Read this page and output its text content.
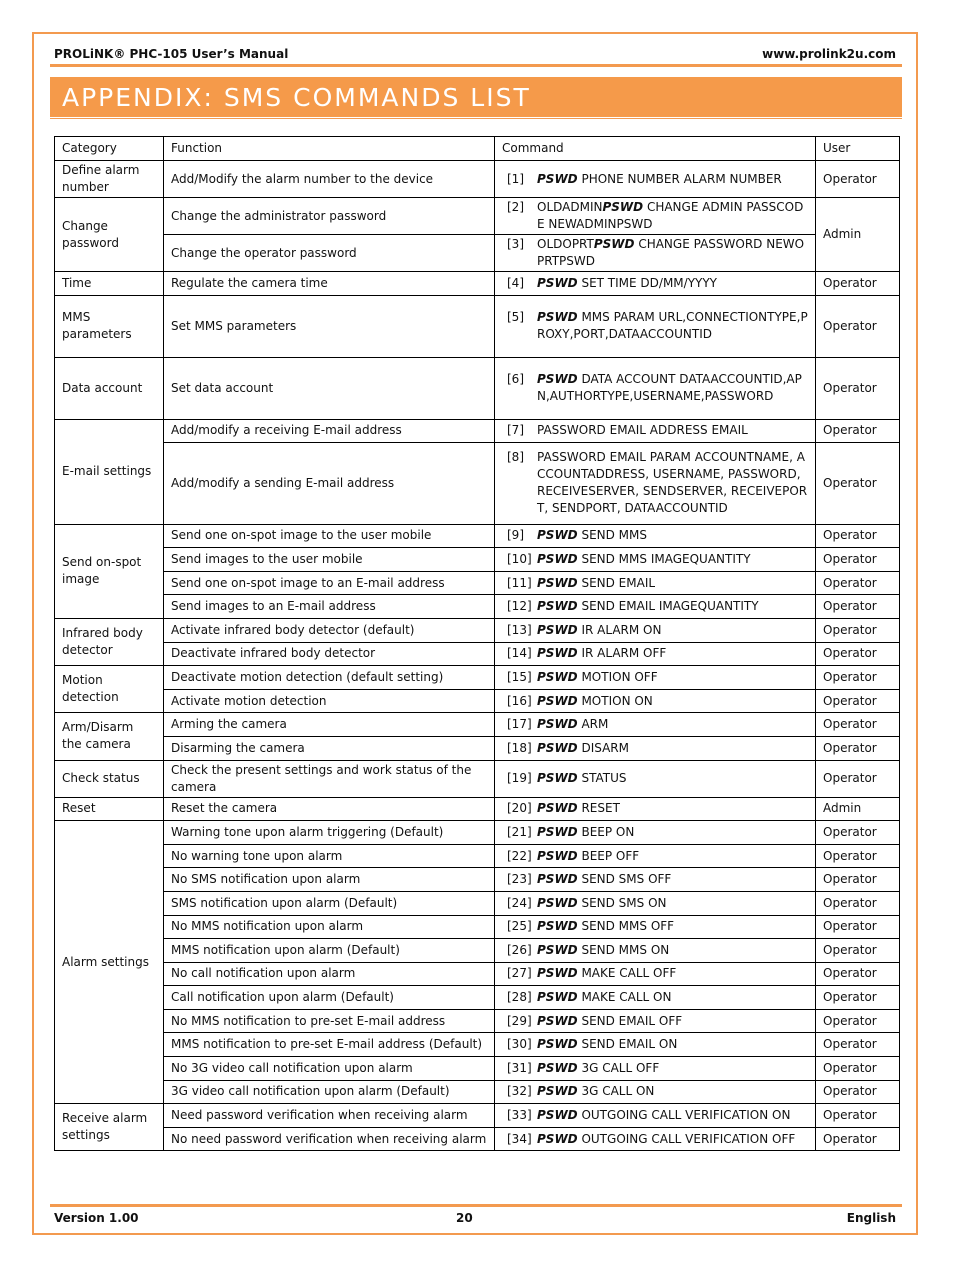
PROLiNK® PHC-105 User’s Manual	www.prolink2u.com
APPENDIX: SMS COMMANDS LIST
Category	Function	Command	User
Define alarm number	Add/Modify the alarm number to the device	[1] PSWD PHONE NUMBER ALARM NUMBER	Operator
Change password	Change the administrator password	[2] OLDADMINPSWD CHANGE ADMIN PASSCODE NEWADMINPSWD	Admin
	Change the operator password	[3] OLDOPRTPSWD CHANGE PASSWORD NEWOPRTPSWD	

Time	Regulate the camera time	[4] PSWD SET TIME DD/MM/YYYY	Operator
MMS parameters	Set MMS parameters	[5] PSWD MMS PARAM URL,CONNECTIONTYPE,PROXY,PORT,DATAACCOUNTID	Operator
Data account	Set data account	[6] PSWD DATA ACCOUNT DATAACCOUNTID,APN,AUTHORTYPE,USERNAME,PASSWORD	Operator
E-mail settings	Add/modify a receiving E-mail address	[7] PASSWORD EMAIL ADDRESS EMAIL	Operator
	Add/modify a sending E-mail address	[8] PASSWORD EMAIL PARAM ACCOUNTNAME, ACCOUNTADDRESS, USERNAME, PASSWORD, RECEIVESERVER, SENDSERVER, RECEIVEPORT, SENDPORT, DATAACCOUNTID	Operator
Send on-spot image	Send one on-spot image to the user mobile	[9] PSWD SEND MMS	Operator
	Send images to the user mobile	[10] PSWD SEND MMS IMAGEQUANTITY	Operator
	Send one on-spot image to an E-mail address	[11] PSWD SEND EMAIL	Operator
	Send images to an E-mail address	[12] PSWD SEND EMAIL IMAGEQUANTITY	Operator
Infrared body detector	Activate infrared body detector (default)	[13] PSWD IR ALARM ON	Operator
	Deactivate infrared body detector	[14] PSWD IR ALARM OFF	Operator
Motion detection	Deactivate motion detection (default setting)	[15] PSWD MOTION OFF	Operator
	Activate motion detection	[16] PSWD MOTION ON	Operator
Arm/Disarm the camera	Arming the camera	[17] PSWD ARM	Operator
	Disarming the camera	[18] PSWD DISARM	Operator
Check status	Check the present settings and work status of the camera	[19] PSWD STATUS	Operator
Reset	Reset the camera	[20] PSWD RESET	Admin
Alarm settings	Warning tone upon alarm triggering (Default)	[21] PSWD BEEP ON	Operator
	No warning tone upon alarm	[22] PSWD BEEP OFF	Operator
	No SMS notification upon alarm	[23] PSWD SEND SMS OFF	Operator
	SMS notification upon alarm (Default)	[24] PSWD SEND SMS ON	Operator
	No MMS notification upon alarm	[25] PSWD SEND MMS OFF	Operator
	MMS notification upon alarm (Default)	[26] PSWD SEND MMS ON	Operator
	No call notification upon alarm	[27] PSWD MAKE CALL OFF	Operator
	Call notification upon alarm (Default)	[28] PSWD MAKE CALL ON	Operator
	No MMS notification to pre-set E-mail address	[29] PSWD SEND EMAIL OFF	Operator
	MMS notification to pre-set E-mail address (Default)	[30] PSWD SEND EMAIL ON	Operator
	No 3G video call notification upon alarm	[31] PSWD 3G CALL OFF	Operator
	3G video call notification upon alarm (Default)	[32] PSWD 3G CALL ON	Operator
Receive alarm settings	Need password verification when receiving alarm	[33] PSWD OUTGOING CALL VERIFICATION ON	Operator
	No need password verification when receiving alarm	[34] PSWD OUTGOING CALL VERIFICATION OFF	Operator
Version 1.00	20	English
